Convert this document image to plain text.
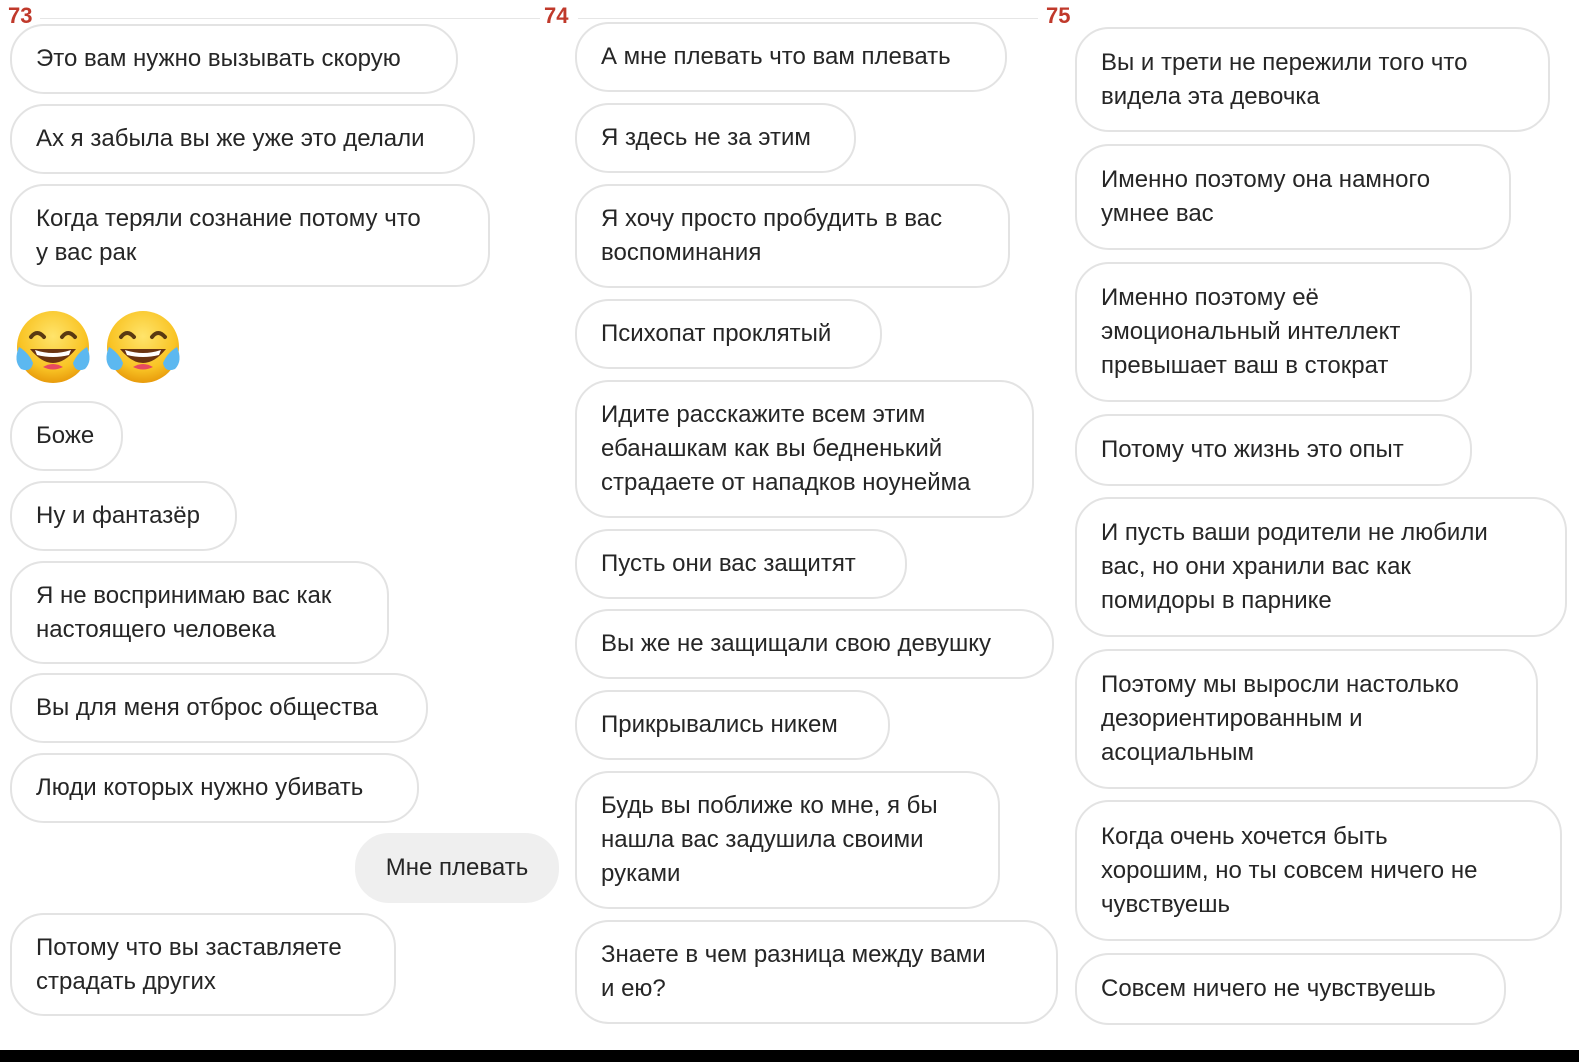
73	74	75
Это вам нужно вызывать скорую
Ах я забыла вы же уже это делали
Когда теряли сознание потому что
у вас рак
Боже
Ну и фантазёр
Я не воспринимаю вас как
настоящего человека
Вы для меня отброс общества
Люди которых нужно убивать
Мне плевать
Потому что вы заставляете
страдать других
А мне плевать что вам плевать
Я здесь не за этим
Я хочу просто пробудить в вас
воспоминания
Психопат проклятый
Идите расскажите всем этим
ебанашкам как вы бедненький
страдаете от нападков ноунейма
Пусть они вас защитят
Вы же не защищали свою девушку
Прикрывались никем
Будь вы поближе ко мне, я бы
нашла вас задушила своими
руками
Знаете в чем разница между вами
и ею?
Вы и трети не пережили того что
видела эта девочка
Именно поэтому она намного
умнее вас
Именно поэтому её
эмоциональный интеллект
превышает ваш в стократ
Потому что жизнь это опыт
И пусть ваши родители не любили
вас, но они хранили вас как
помидоры в парнике
Поэтому мы выросли настолько
дезориентированным и
асоциальным
Когда очень хочется быть
хорошим, но ты совсем ничего не
чувствуешь
Совсем ничего не чувствуешь
